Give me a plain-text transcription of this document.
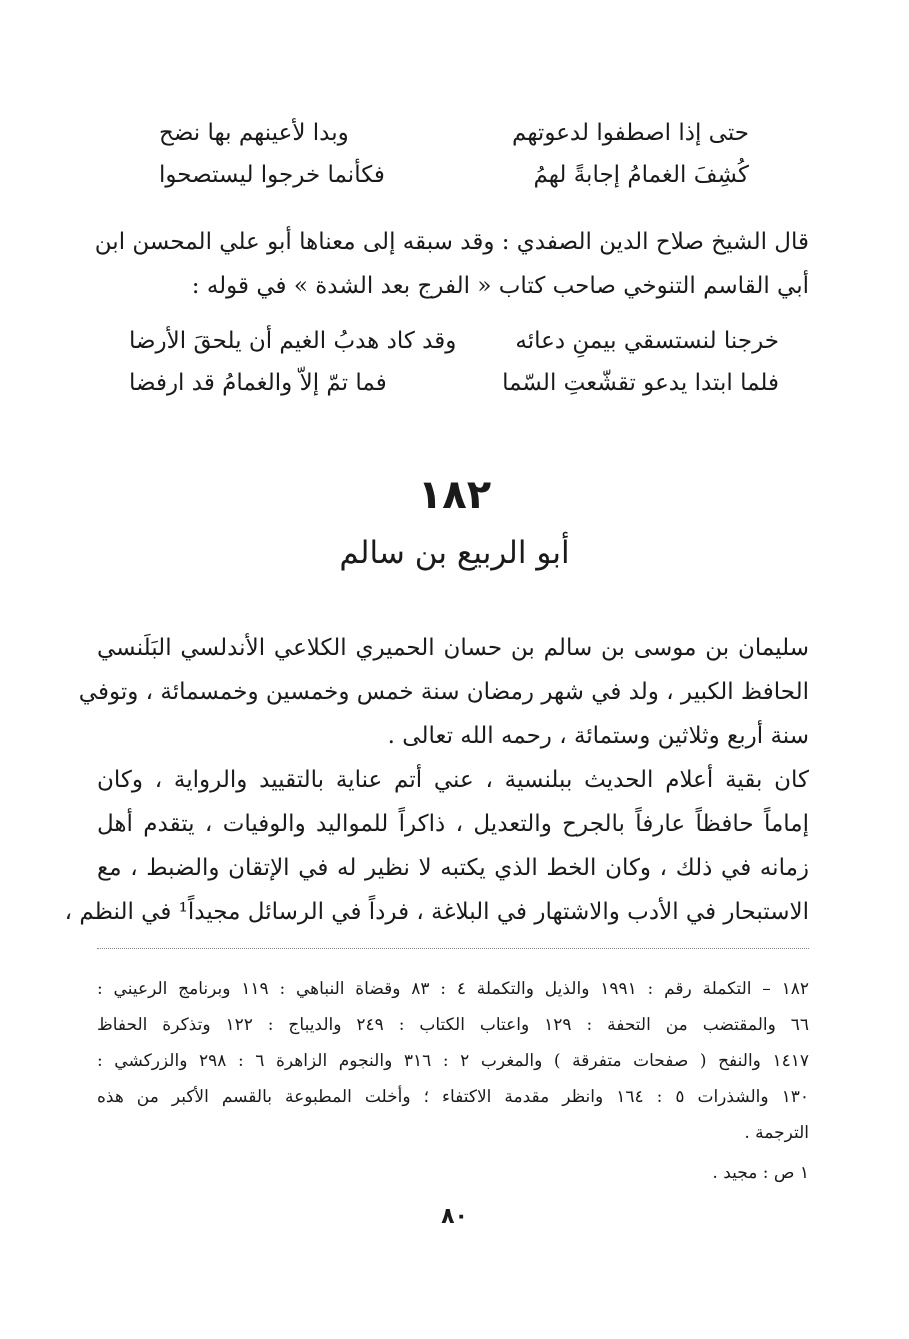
حتى إذا اصطفوا لدعوتهم
وبدا لأعينهم بها نضح
كُشِفَ الغمامُ إجابةً لهمُ
فكأنما خرجوا ليستصحوا
قال الشيخ صلاح الدين الصفدي : وقد سبقه إلى معناها أبو علي المحسن ابن
أبي القاسم التنوخي صاحب كتاب « الفرج بعد الشدة » في قوله :
خرجنا لنستسقي بيمنِ دعائه
وقد كاد هدبُ الغيم أن يلحقَ الأرضا
فلما ابتدا يدعو تقشّعتِ السّما
فما تمّ إلاّ والغمامُ قد ارفضا
١٨٢
أبو الربيع بن سالم
سليمان بن موسى بن سالم بن حسان الحميري الكلاعي الأندلسي البَلَنسي
الحافظ الكبير ، ولد في شهر رمضان سنة خمس وخمسين وخمسمائة ، وتوفي
سنة أربع وثلاثين وستمائة ، رحمه الله تعالى .
كان بقية أعلام الحديث ببلنسية ، عني أتم عناية بالتقييد والرواية ، وكان
إماماً حافظاً عارفاً بالجرح والتعديل ، ذاكراً للمواليد والوفيات ، يتقدم أهل
زمانه في ذلك ، وكان الخط الذي يكتبه لا نظير له في الإتقان والضبط ، مع
الاستبحار في الأدب والاشتهار في البلاغة ، فرداً في الرسائل مجيداً¹ في النظم ،
١٨٢ – التكملة رقم : ١٩٩١ والذيل والتكملة ٤ : ٨٣ وقضاة النباهي : ١١٩ وبرنامج الرعيني :
٦٦ والمقتضب من التحفة : ١٢٩ واعتاب الكتاب : ٢٤٩ والديباج : ١٢٢ وتذكرة الحفاظ
١٤١٧ والنفح ( صفحات متفرقة ) والمغرب ٢ : ٣١٦ والنجوم الزاهرة ٦ : ٢٩٨ والزركشي :
١٣٠ والشذرات ٥ : ١٦٤ وانظر مقدمة الاكتفاء ؛ وأخلت المطبوعة بالقسم الأكبر من هذه
الترجمة .
١ ص : مجيد .
٨٠
